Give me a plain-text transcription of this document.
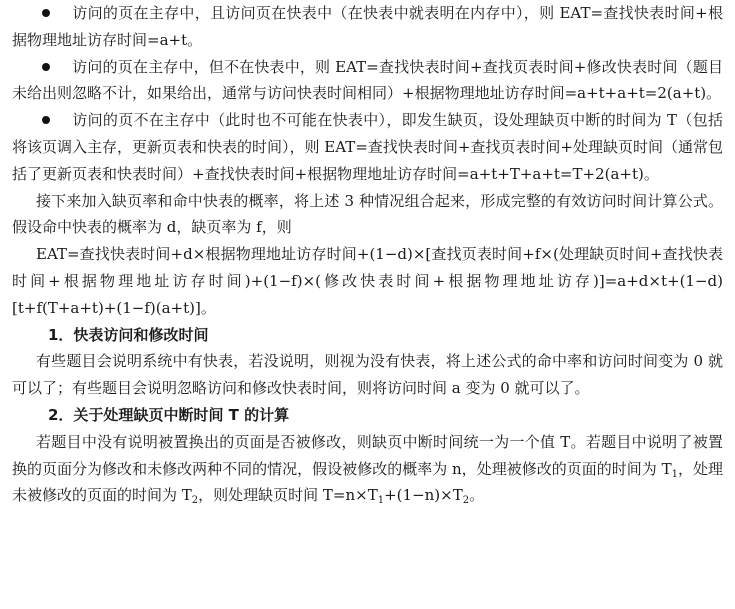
访问的页在主存中，且访问页在快表中（在快表中就表明在内存中），则 EAT=查找快表时间+根据物理地址访存时间=a+t。

访问的页在主存中，但不在快表中，则 EAT=查找快表时间+查找页表时间+修改快表时间（题目未给出则忽略不计，如果给出，通常与访问快表时间相同）+根据物理地址访存时间=a+t+a+t=2(a+t)。

访问的页不在主存中（此时也不可能在快表中），即发生缺页，设处理缺页中断的时间为 T（包括将该页调入主存，更新页表和快表的时间），则 EAT=查找快表时间+查找页表时间+处理缺页时间（通常包括了更新页表和快表时间）+查找快表时间+根据物理地址访存时间=a+t+T+a+t=T+2(a+t)。

接下来加入缺页率和命中快表的概率，将上述 3 种情况组合起来，形成完整的有效访问时间计算公式。假设命中快表的概率为 d，缺页率为 f，则

EAT=查找快表时间+d×根据物理地址访存时间+(1−d)×[查找页表时间+f×(处理缺页时间+查找快表时间+根据物理地址访存时间)+(1−f)×(修改快表时间+根据物理地址访存)]=a+d×t+(1−d)[t+f(T+a+t)+(1−f)(a+t)]。

1．快表访问和修改时间

有些题目会说明系统中有快表，若没说明，则视为没有快表，将上述公式的命中率和访问时间变为 0 就可以了；有些题目会说明忽略访问和修改快表时间，则将访问时间 a 变为 0 就可以了。

2．关于处理缺页中断时间 T 的计算

若题目中没有说明被置换出的页面是否被修改，则缺页中断时间统一为一个值 T。若题目中说明了被置换的页面分为修改和未修改两种不同的情况，假设被修改的概率为 n，处理被修改的页面的时间为 $T_1$，处理未被修改的页面的时间为 $T_2$，则处理缺页时间 $T=n\times T_1+(1-n)\times T_2$。
